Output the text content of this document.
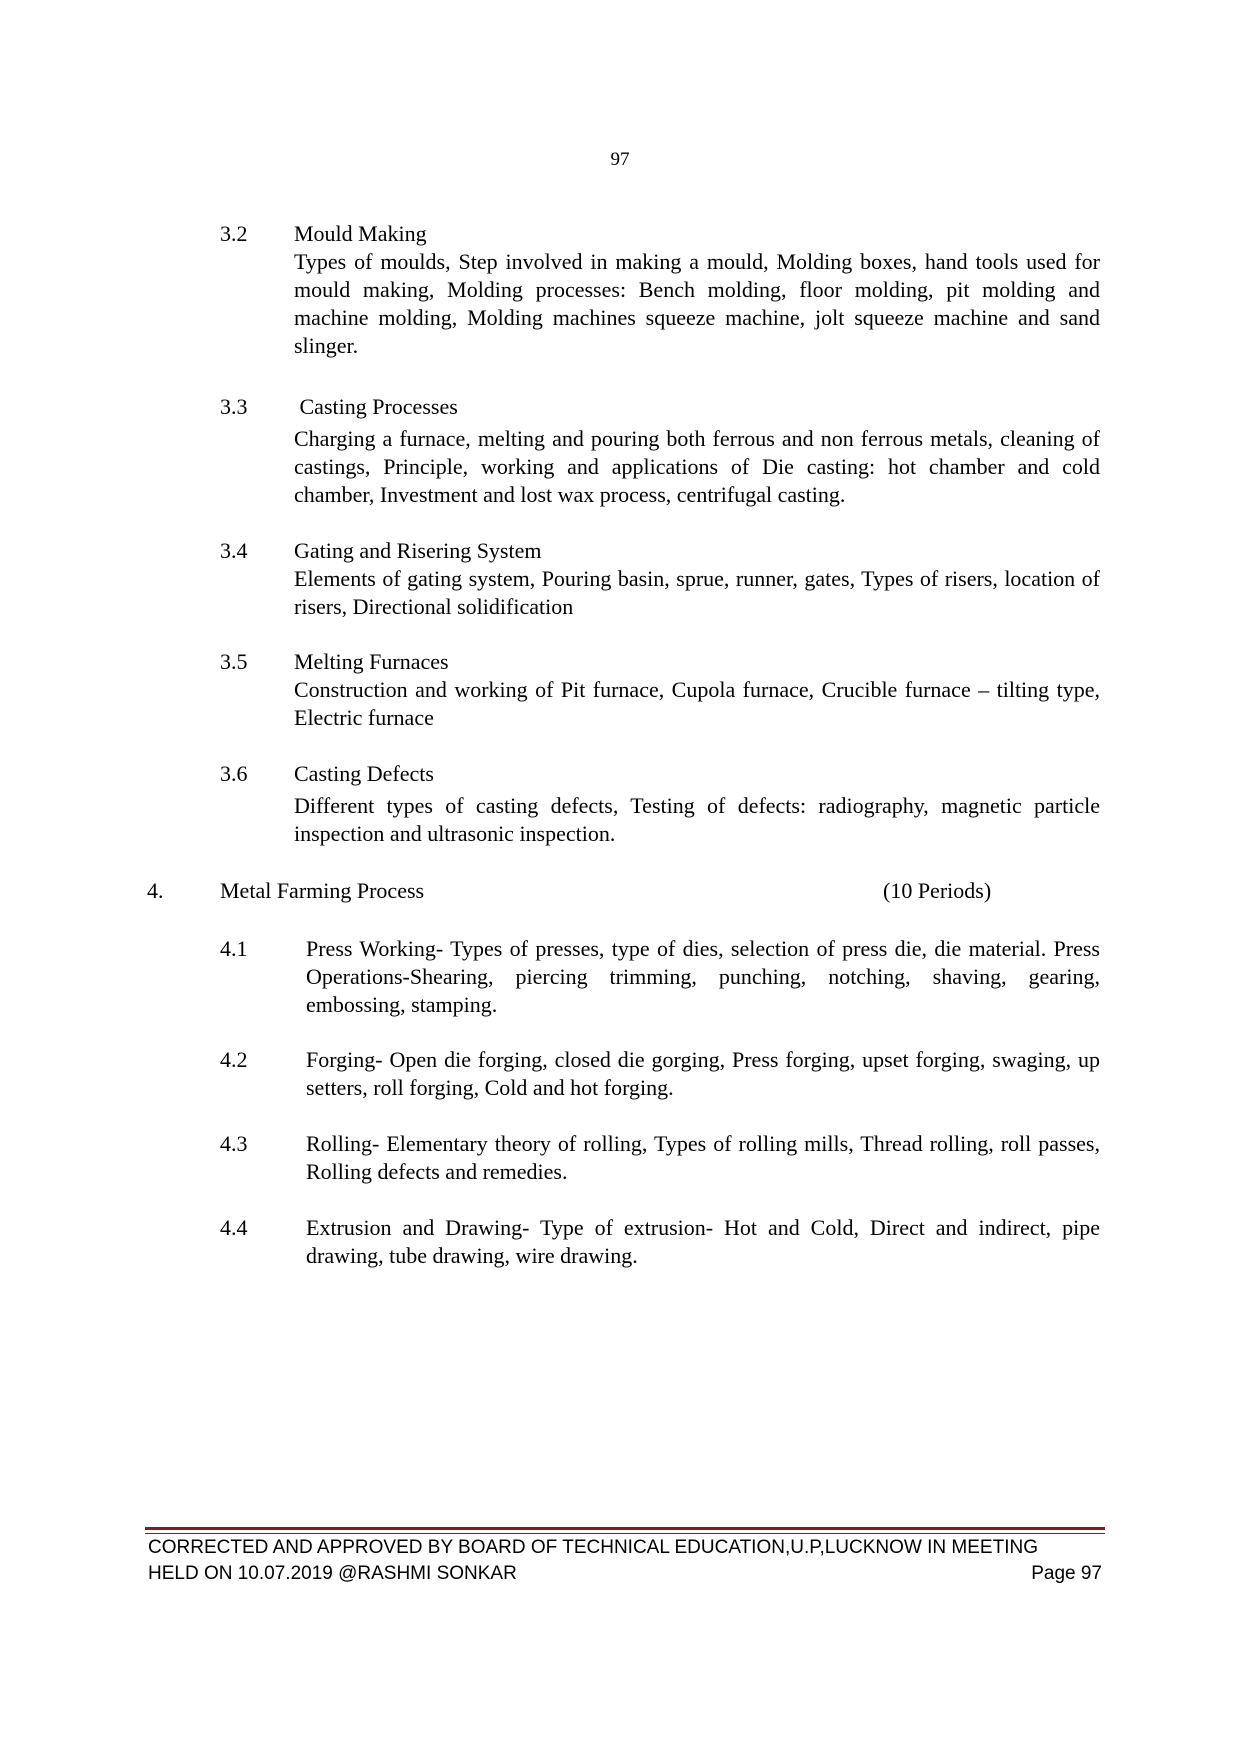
97
3.2 Mould Making
Types of moulds, Step involved in making a mould, Molding boxes, hand tools used for mould making, Molding processes: Bench molding, floor molding, pit molding and machine molding, Molding machines squeeze machine, jolt squeeze machine and sand slinger.
3.3 Casting Processes
Charging a furnace, melting and pouring both ferrous and non ferrous metals, cleaning of castings, Principle, working and applications of Die casting: hot chamber and cold chamber, Investment and lost wax process, centrifugal casting.
3.4 Gating and Risering System
Elements of gating system, Pouring basin, sprue, runner, gates, Types of risers, location of risers, Directional solidification
3.5 Melting Furnaces
Construction and working of Pit furnace, Cupola furnace, Crucible furnace – tilting type, Electric furnace
3.6 Casting Defects
Different types of casting defects, Testing of defects: radiography, magnetic particle inspection and ultrasonic inspection.
4.	Metal Farming Process	(10 Periods)
4.1	Press Working- Types of presses, type of dies, selection of press die, die material. Press Operations-Shearing, piercing trimming, punching, notching, shaving, gearing, embossing, stamping.
4.2	Forging- Open die forging, closed die gorging, Press forging, upset forging, swaging, up setters, roll forging, Cold and hot forging.
4.3	Rolling- Elementary theory of rolling, Types of rolling mills, Thread rolling, roll passes, Rolling defects and remedies.
4.4	Extrusion and Drawing- Type of extrusion- Hot and Cold, Direct and indirect, pipe drawing, tube drawing, wire drawing.
CORRECTED AND APPROVED BY BOARD OF TECHNICAL EDUCATION,U.P,LUCKNOW IN MEETING
HELD ON 10.07.2019 @RASHMI SONKAR	Page 97
